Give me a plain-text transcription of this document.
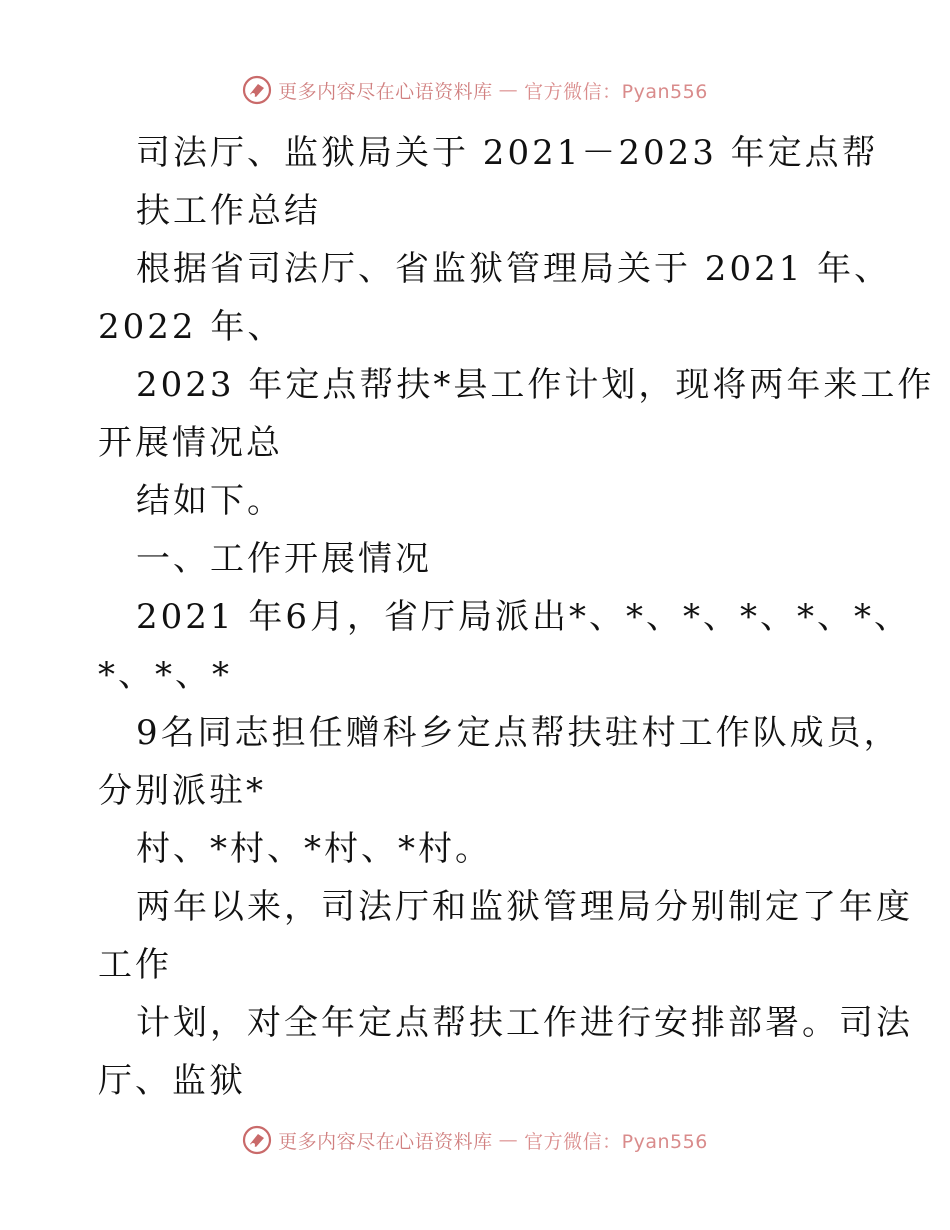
更多内容尽在心语资料库 — 官方微信：Pyan556
司法厅、监狱局关于 2021－2023 年定点帮
扶工作总结
根据省司法厅、省监狱管理局关于 2021 年、
2022 年、
2023 年定点帮扶*县工作计划，现将两年来工作
开展情况总
结如下。
一、工作开展情况
2021 年6月，省厅局派出*、*、*、*、*、*、
*、*、*
9名同志担任赠科乡定点帮扶驻村工作队成员，
分别派驻*
村、*村、*村、*村。
两年以来，司法厅和监狱管理局分别制定了年度
工作
计划，对全年定点帮扶工作进行安排部署。司法
厅、监狱
更多内容尽在心语资料库 — 官方微信：Pyan556
